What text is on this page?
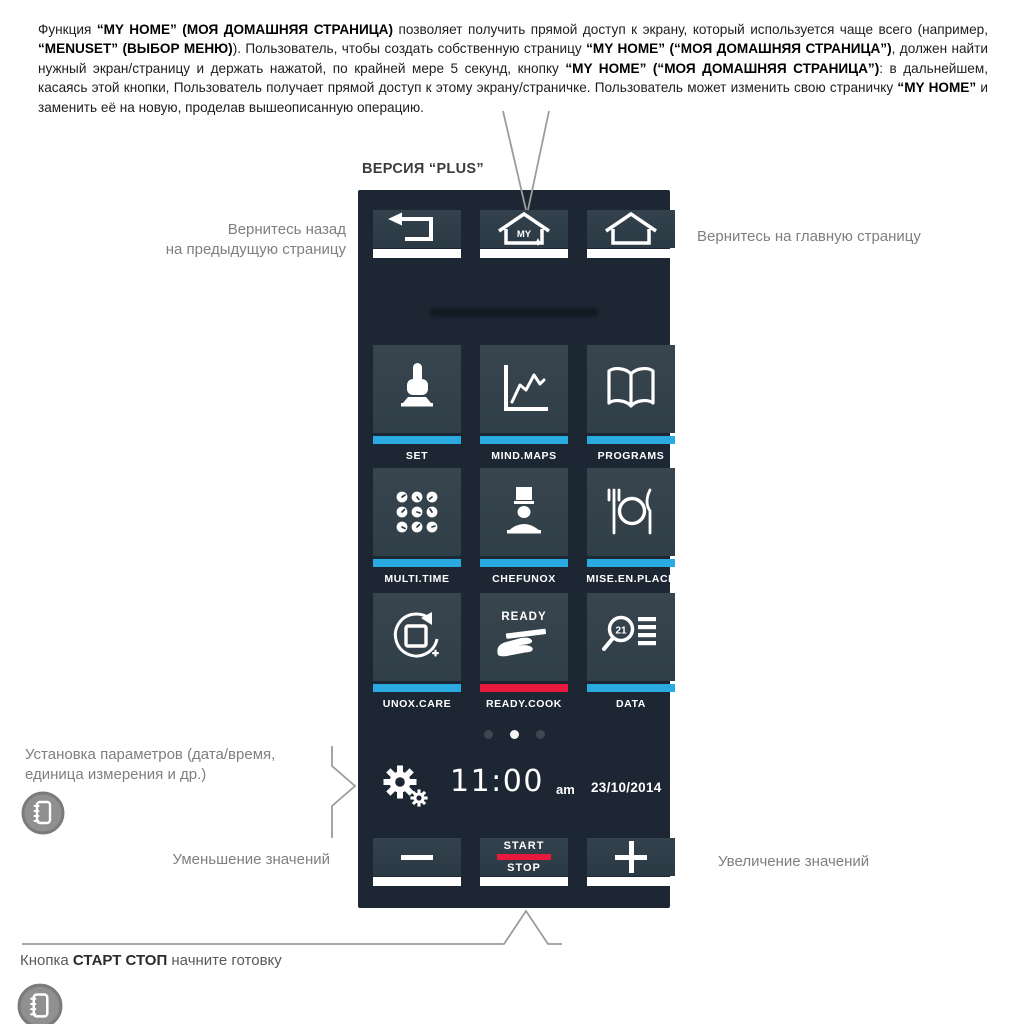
Функция “MY HOME” (МОЯ ДОМАШНЯЯ СТРАНИЦА) позволяет получить прямой доступ к экрану, который используется чаще всего (например, “MENUSET” (ВЫБОР МЕНЮ)). Пользователь, чтобы создать собственную страницу “MY HOME” (“МОЯ ДОМАШНЯЯ СТРАНИЦА”), должен найти нужный экран/страницу и держать нажатой, по крайней мере 5 секунд, кнопку “MY HOME” (“МОЯ ДОМАШНЯЯ СТРАНИЦА”): в дальнейшем, касаясь этой кнопки, Пользователь получает прямой доступ к этому экрану/страничке. Пользователь может изменить свою страничку “MY HOME” и заменить её на новую, проделав вышеописанную операцию.

ВЕРСИЯ “PLUS”
MY
SET	MIND.MAPS	PROGRAMS
MULTI.TIME	CHEFUNOX	MISE.EN.PLACE
UNOX.CARE
READY
READY.COOK
21
DATA
11:00 am 23/10/2014
START
STOP
Вернитесь назад
на предыдущую страницу
Вернитесь на главную страницу
Установка параметров (дата/время,
единица измерения и др.)
Уменьшение значений	Увеличение значений
Кнопка СТАРТ СТОП начните готовку
